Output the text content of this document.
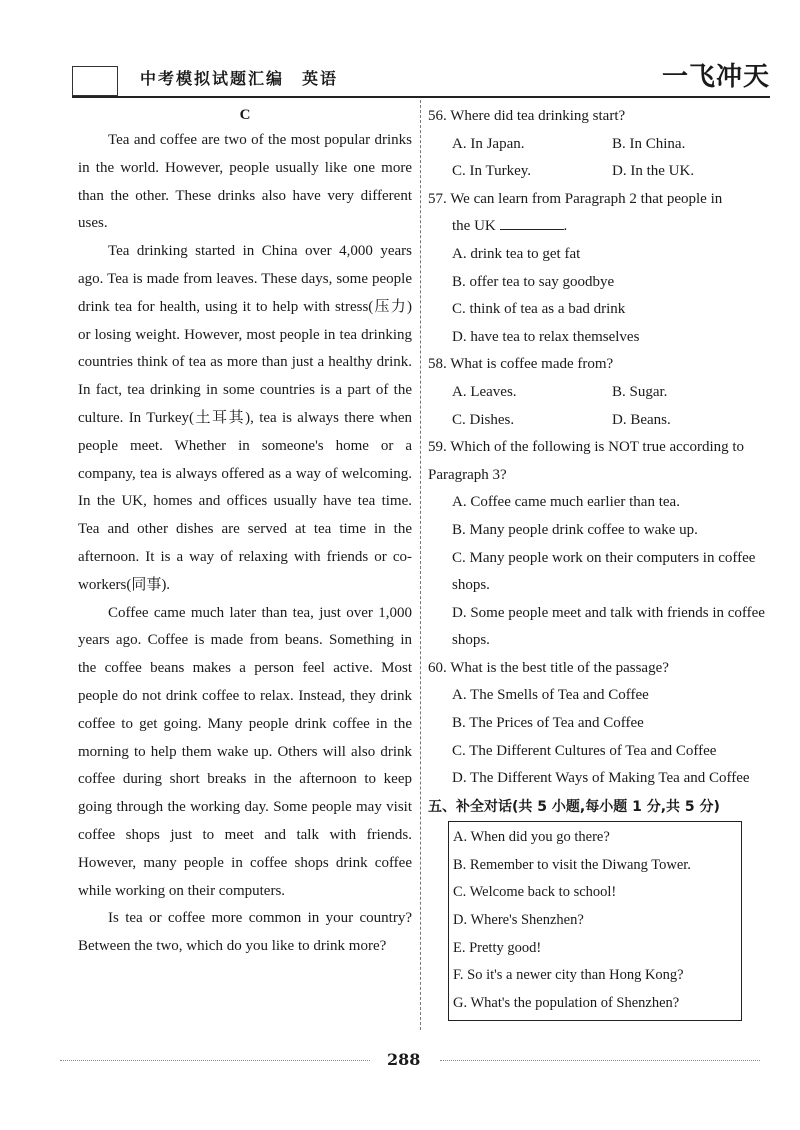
中考模拟试题汇编　英语	一飞冲天
C

Tea and coffee are two of the most popular drinks in the world. However, people usually like one more than the other. These drinks also have very different uses.

Tea drinking started in China over 4,000 years ago. Tea is made from leaves. These days, some people drink tea for health, using it to help with stress(压力) or losing weight. However, most people in tea drinking countries think of tea as more than just a healthy drink. In fact, tea drinking in some countries is a part of the culture. In Turkey(土耳其), tea is always there when people meet. Whether in someone's home or a company, tea is always offered as a way of welcoming. In the UK, homes and offices usually have tea time. Tea and other dishes are served at tea time in the afternoon. It is a way of relaxing with friends or co-workers(同事).

Coffee came much later than tea, just over 1,000 years ago. Coffee is made from beans. Something in the coffee beans makes a person feel active. Most people do not drink coffee to relax. Instead, they drink coffee to get going. Many people drink coffee in the morning to help them wake up. Others will also drink coffee during short breaks in the afternoon to keep going through the working day. Some people may visit coffee shops just to meet and talk with friends. However, many people in coffee shops drink coffee while working on their computers.

Is tea or coffee more common in your country? Between the two, which do you like to drink more?

56. Where did tea drinking start?
A. In Japan.	B. In China.
C. In Turkey.	D. In the UK.
57. We can learn from Paragraph 2 that people in
the UK	.
A. drink tea to get fat
B. offer tea to say goodbye
C. think of tea as a bad drink
D. have tea to relax themselves
58. What is coffee made from?
A. Leaves.	B. Sugar.
C. Dishes.	D. Beans.
59. Which of the following is NOT true according to Paragraph 3?
A. Coffee came much earlier than tea.
B. Many people drink coffee to wake up.
C. Many people work on their computers in coffee shops.
D. Some people meet and talk with friends in coffee shops.
60. What is the best title of the passage?
A. The Smells of Tea and Coffee
B. The Prices of Tea and Coffee
C. The Different Cultures of Tea and Coffee
D. The Different Ways of Making Tea and Coffee
五、补全对话(共 5 小题,每小题 1 分,共 5 分)
A. When did you go there?
B. Remember to visit the Diwang Tower.
C. Welcome back to school!
D. Where's Shenzhen?
E. Pretty good!
F. So it's a newer city than Hong Kong?
G. What's the population of Shenzhen?
288
